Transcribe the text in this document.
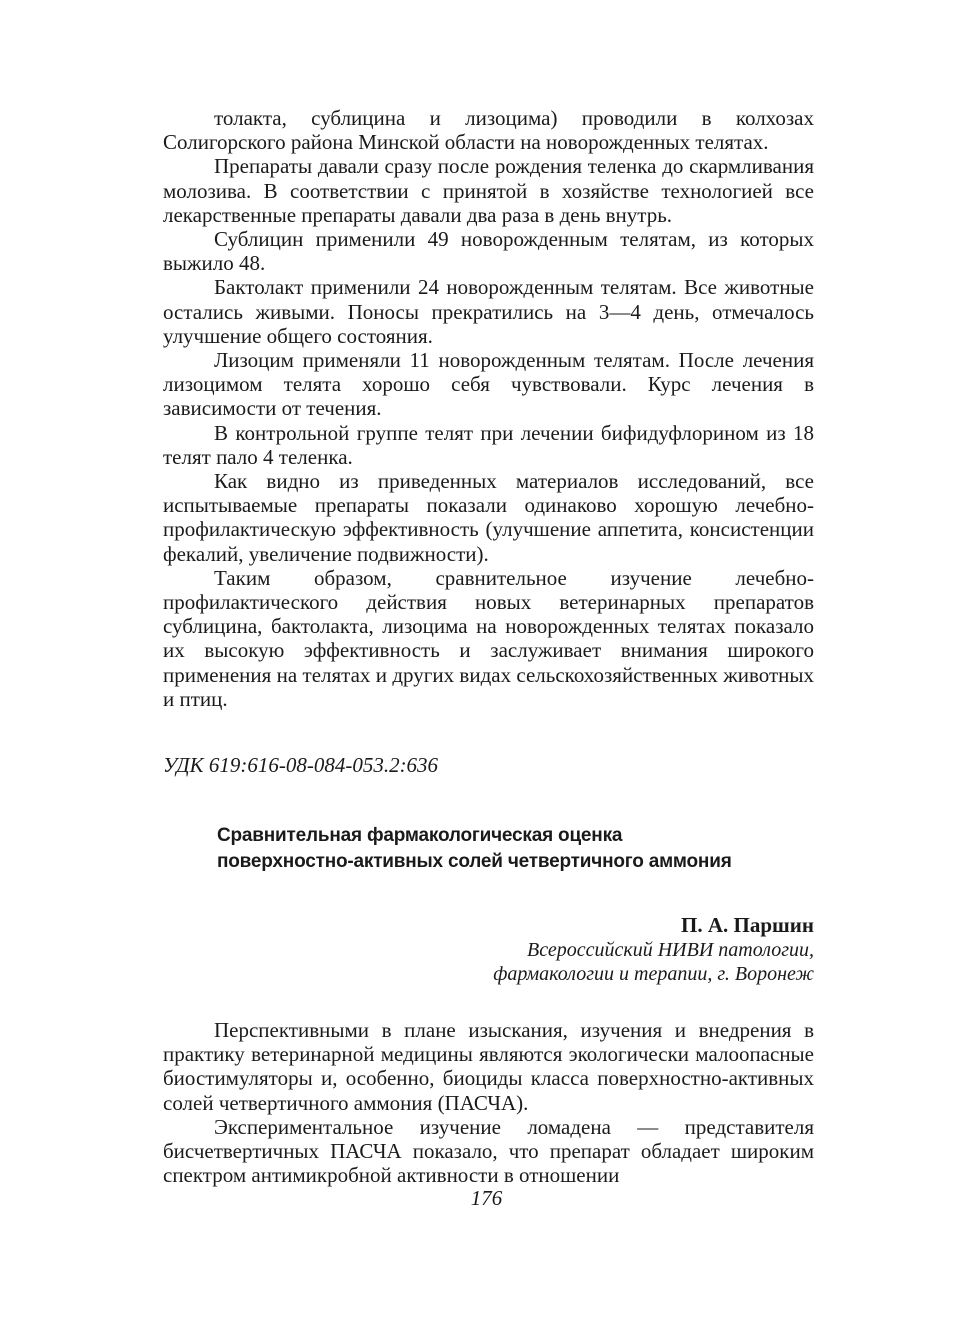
толакта, сублицина и лизоцима) проводили в колхозах Солигорского района Минской области на новорожденных телятах.

Препараты давали сразу после рождения теленка до скармливания молозива. В соответствии с принятой в хозяйстве технологией все лекарственные препараты давали два раза в день внутрь.

Сублицин применили 49 новорожденным телятам, из которых выжило 48.

Бактолакт применили 24 новорожденным телятам. Все животные остались живыми. Поносы прекратились на 3—4 день, отмечалось улучшение общего состояния.

Лизоцим применяли 11 новорожденным телятам. После лечения лизоцимом телята хорошо себя чувствовали. Курс лечения в зависимости от течения.

В контрольной группе телят при лечении бифидуфлорином из 18 телят пало 4 теленка.

Как видно из приведенных материалов исследований, все испытываемые препараты показали одинаково хорошую лечебно-профилактическую эффективность (улучшение аппетита, консистенции фекалий, увеличение подвижности).

Таким образом, сравнительное изучение лечебно-профилактического действия новых ветеринарных препаратов сублицина, бактолакта, лизоцима на новорожденных телятах показало их высокую эффективность и заслуживает внимания широкого применения на телятах и других видах сельскохозяйственных животных и птиц.

УДК 619:616-08-084-053.2:636
Сравнительная фармакологическая оценка
поверхностно-активных солей четвертичного аммония
П. А. Паршин
Всероссийский НИВИ патологии,
фармакологии и терапии, г. Воронеж

Перспективными в плане изыскания, изучения и внедрения в практику ветеринарной медицины являются экологически малоопасные биостимуляторы и, особенно, биоциды класса поверхностно-активных солей четвертичного аммония (ПАСЧА).

Экспериментальное изучение ломадена — представителя бисчетвертичных ПАСЧА показало, что препарат обладает широким спектром антимикробной активности в отношении

176
